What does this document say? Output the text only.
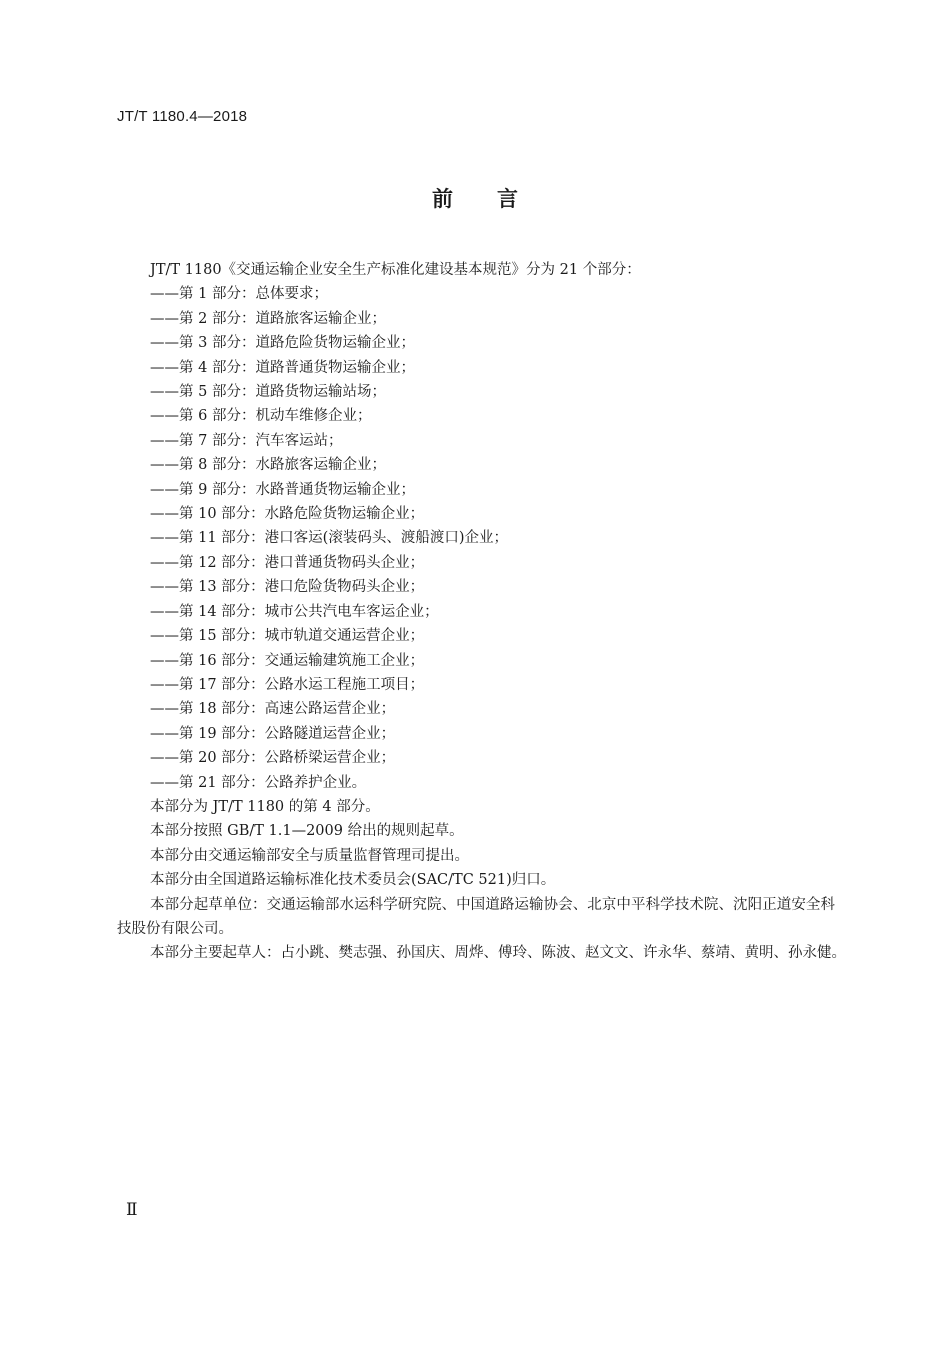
JT/T 1180.4—2018
前言

JT/T 1180《交通运输企业安全生产标准化建设基本规范》分为 21 个部分：

——第 1 部分：总体要求；
——第 2 部分：道路旅客运输企业；
——第 3 部分：道路危险货物运输企业；
——第 4 部分：道路普通货物运输企业；
——第 5 部分：道路货物运输站场；
——第 6 部分：机动车维修企业；
——第 7 部分：汽车客运站；
——第 8 部分：水路旅客运输企业；
——第 9 部分：水路普通货物运输企业；
——第 10 部分：水路危险货物运输企业；
——第 11 部分：港口客运(滚装码头、渡船渡口)企业；
——第 12 部分：港口普通货物码头企业；
——第 13 部分：港口危险货物码头企业；
——第 14 部分：城市公共汽电车客运企业；
——第 15 部分：城市轨道交通运营企业；
——第 16 部分：交通运输建筑施工企业；
——第 17 部分：公路水运工程施工项目；
——第 18 部分：高速公路运营企业；
——第 19 部分：公路隧道运营企业；
——第 20 部分：公路桥梁运营企业；
——第 21 部分：公路养护企业。

本部分为 JT/T 1180 的第 4 部分。

本部分按照 GB/T 1.1—2009 给出的规则起草。

本部分由交通运输部安全与质量监督管理司提出。

本部分由全国道路运输标准化技术委员会(SAC/TC 521)归口。

本部分起草单位：交通运输部水运科学研究院、中国道路运输协会、北京中平科学技术院、沈阳正道安全科技股份有限公司。

本部分主要起草人：占小跳、樊志强、孙国庆、周烨、傅玲、陈波、赵文文、许永华、蔡靖、黄明、孙永健。

Ⅱ
